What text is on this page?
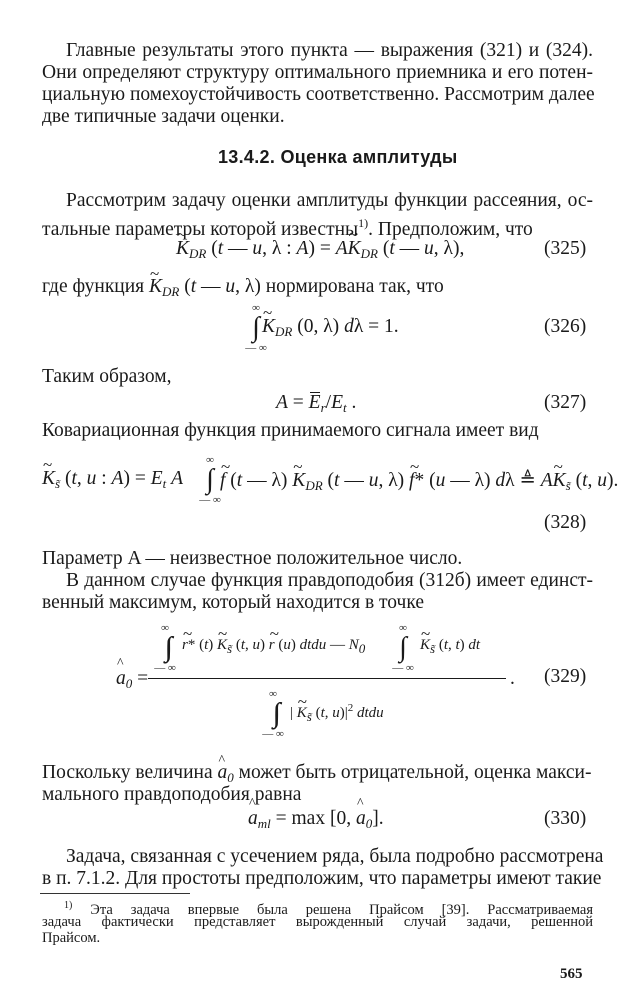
Главные результаты этого пункта — выражения (321) и (324).
Они определяют структуру оптимального приемника и его потен-
циальную помехоустойчивость соответственно. Рассмотрим далее
две типичные задачи оценки.
13.4.2. Оценка амплитуды
Рассмотрим задачу оценки амплитуды функции рассеяния, ос-
тальные параметры которой известны$^{1)}$. Предположим, что
~ $K_{DR}$ (t — u, λ : A) = A~ $K_{DR}$ (t — u, λ),	(325)
где функция ~ $K_{DR}$ (t — u, λ) нормирована так, что
∞
∫
— ∞
~ $K_{DR}$ (0, λ) dλ = 1.	(326)
Таким образом,
$A = E_r/E_t$ .	(327)
Ковариационная функция принимаемого сигнала имеет вид
∞
∫
— ∞
~ $K_{s̃}$ (t, u : $A) = E_t$ A ~ f (t — λ) ~ $K_{DR}$ (t — u, λ) ~ f* (u — λ) dλ ≜ A~ $K_{s̃}$ (t, u).
(328)
Параметр A — неизвестное положительное число.
В данном случае функция правдоподобия (312б) имеет единст-
венный максимум, который находится в точке
∞
— ∞
~ r* (t) ~ Ks̃ (t, u) ~ r (u) dtdu — N0
∞
∫
— ∞
~ Ks̃ (t, t) dt
^ $a_0$ =	.
∞
— ∞
| ~ Ks̃ (t, $u)|^2$ dtdu
(329)
Поскольку величина ^ $a_0$ может быть отрицательной, оценка макси-
мального правдоподобия равна
^ $a_{ml} = \max [0$, ^ $a_0$].	(330)
Задача, связанная с усечением ряда, была подробно рассмотрена
в п. 7.1.2. Для простоты предположим, что параметры имеют такие
$^{1)}$ Эта задача впервые была решена Прайсом [39]. Рассматриваемая
задача фактически представляет вырожденный случай задачи, решенной
Прайсом.
565
